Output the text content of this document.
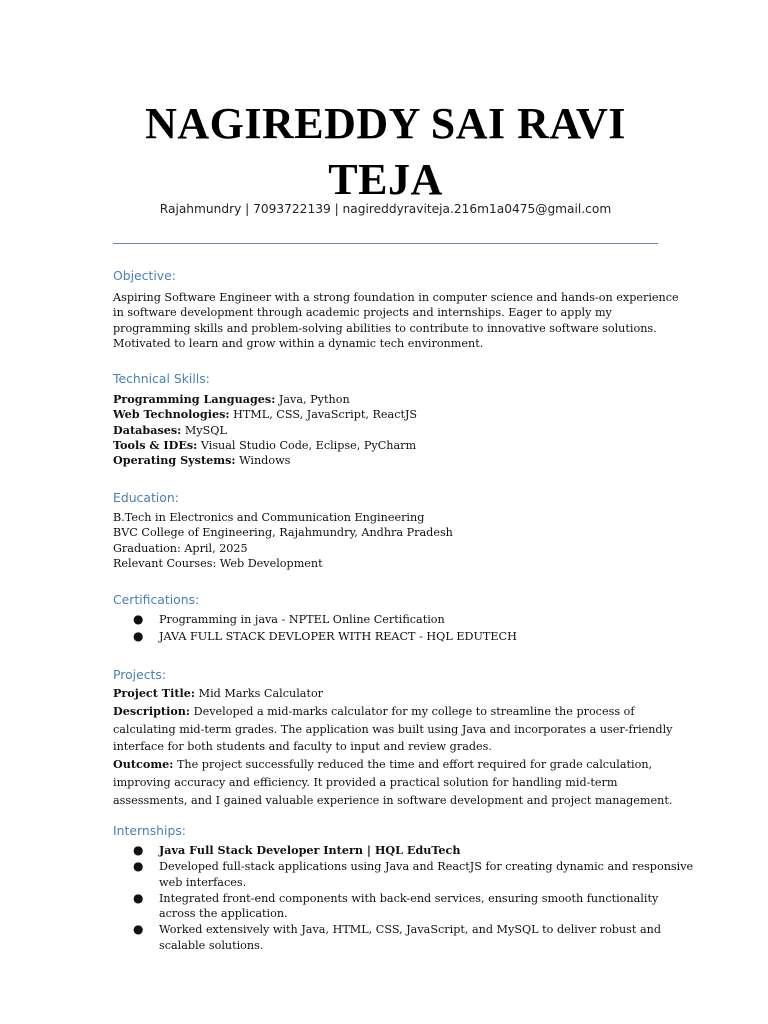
NAGIREDDY SAI RAVI TEJA
Rajahmundry | 7093722139 | nagireddyraviteja.216m1a0475@gmail.com
Objective:
Aspiring Software Engineer with a strong foundation in computer science and hands-on experience
in software development through academic projects and internships. Eager to apply my
programming skills and problem-solving abilities to contribute to innovative software solutions.
Motivated to learn and grow within a dynamic tech environment.
Technical Skills:
Programming Languages: Java, Python
Web Technologies: HTML, CSS, JavaScript, ReactJS
Databases: MySQL
Tools & IDEs: Visual Studio Code, Eclipse, PyCharm
Operating Systems: Windows
Education:
B.Tech in Electronics and Communication Engineering
BVC College of Engineering, Rajahmundry, Andhra Pradesh
Graduation: April, 2025
Relevant Courses: Web Development
Certifications:
● Programming in java - NPTEL Online Certification
● JAVA FULL STACK DEVLOPER WITH REACT - HQL EDUTECH
Projects:
Project Title: Mid Marks Calculator
Description: Developed a mid-marks calculator for my college to streamline the process of
calculating mid-term grades. The application was built using Java and incorporates a user-friendly
interface for both students and faculty to input and review grades.
Outcome: The project successfully reduced the time and effort required for grade calculation,
improving accuracy and efficiency. It provided a practical solution for handling mid-term
assessments, and I gained valuable experience in software development and project management.
Internships:
● Java Full Stack Developer Intern | HQL EduTech
● Developed full-stack applications using Java and ReactJS for creating dynamic and responsive
web interfaces.
● Integrated front-end components with back-end services, ensuring smooth functionality
across the application.
● Worked extensively with Java, HTML, CSS, JavaScript, and MySQL to deliver robust and
scalable solutions.
